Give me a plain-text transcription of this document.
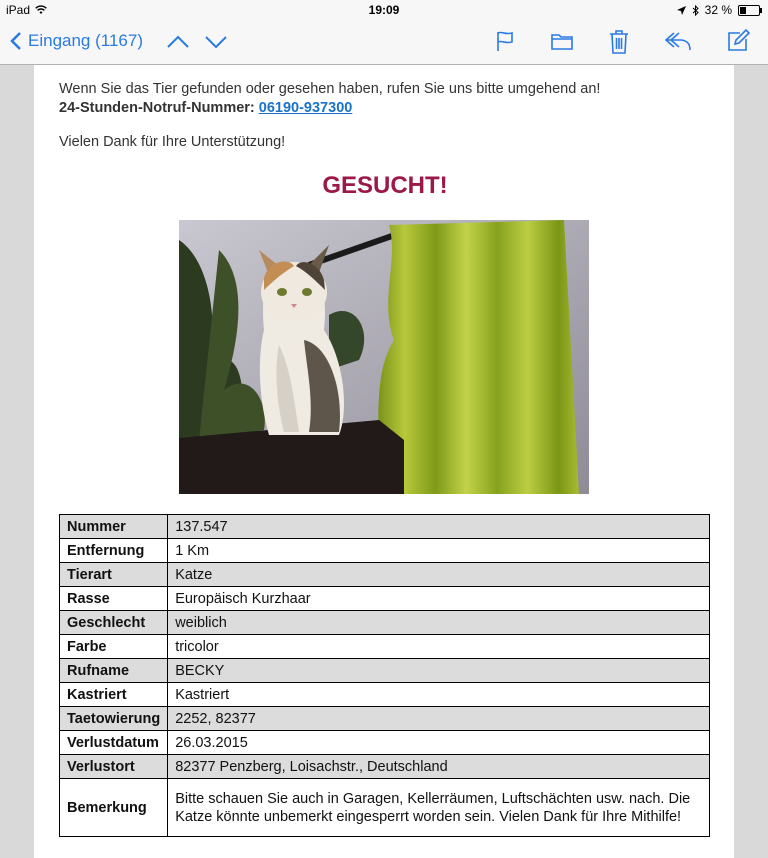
iPad	19:09	32 %
Eingang (1167)

Wenn Sie das Tier gefunden oder gesehen haben, rufen Sie uns bitte umgehend an!

24-Stunden-Notruf-Nummer: 06190-937300

Vielen Dank für Ihre Unterstützung!

GESUCHT!
Nummer	137.547
Entfernung	1 Km
Tierart	Katze
Rasse	Europäisch Kurzhaar
Geschlecht	weiblich
Farbe	tricolor
Rufname	BECKY
Kastriert	Kastriert
Taetowierung	2252, 82377
Verlustdatum	26.03.2015
Verlustort	82377 Penzberg, Loisachstr., Deutschland
Bemerkung	Bitte schauen Sie auch in Garagen, Kellerräumen, Luftschächten usw. nach. Die Katze könnte unbemerkt eingesperrt worden sein. Vielen Dank für Ihre Mithilfe!
